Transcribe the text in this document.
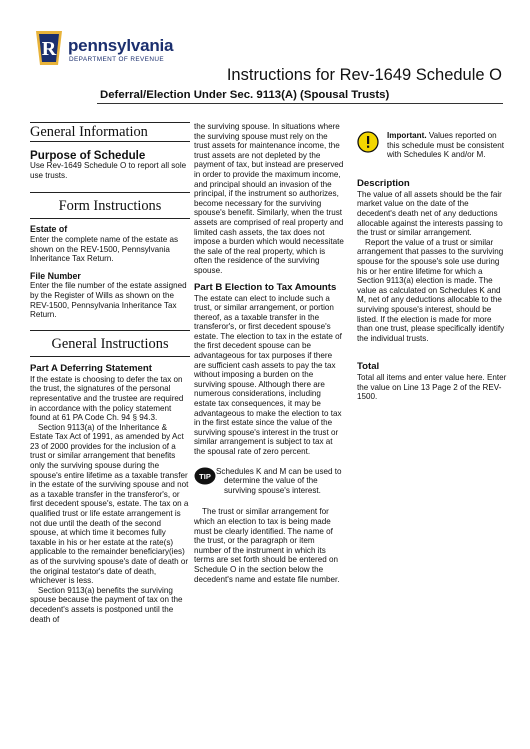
R pennsylvania
DEPARTMENT OF REVENUE
Instructions for Rev-1649 Schedule O
Deferral/Election Under Sec. 9113(A) (Spousal Trusts)
General Information
Purpose of Schedule

Use Rev-1649 Schedule O to report all sole use trusts.

Form Instructions
Estate of

Enter the complete name of the estate as shown on the REV-1500, Pennsylvania Inheritance Tax Return.

File Number

Enter the file number of the estate assigned by the Register of Wills as shown on the REV-1500, Pennsylvania Inheritance Tax Return.

General Instructions
Part A Deferring Statement

If the estate is choosing to defer the tax on the trust, the signatures of the personal representative and the trustee are required in accordance with the policy statement found at 61 PA Code Ch. 94 § 94.3.

Section 9113(a) of the Inheritance & Estate Tax Act of 1991, as amended by Act 23 of 2000 provides for the inclusion of a trust or similar arrangement that benefits only the surviving spouse during the spouse's entire lifetime as a taxable transfer in the estate of the surviving spouse and not as a taxable transfer in the transferor's, or first decedent spouse's, estate. The tax on a qualified trust or life estate arrangement is not due until the death of the second spouse, at which time it becomes fully taxable in his or her estate at the rate(s) applicable to the remainder beneficiary(ies) as of the surviving spouse's date of death or the original testator's date of death, whichever is less.

Section 9113(a) benefits the surviving spouse because the payment of tax on the decedent's assets is postponed until the death of

the surviving spouse. In situations where the surviving spouse must rely on the trust assets for maintenance income, the trust assets are not depleted by the payment of tax, but instead are preserved in order to provide the maximum income, and principal should an invasion of the principal, if the instrument so authorizes, become necessary for the surviving spouse's benefit. Similarly, when the trust assets are comprised of real property and limited cash assets, the tax does not impose a burden which would necessitate the sale of the real property, which is often the residence of the surviving spouse.

Part B Election to Tax Amounts

The estate can elect to include such a trust, or similar arrangement, or portion thereof, as a taxable transfer in the transferor's, or first decedent spouse's estate. The election to tax in the estate of the first decedent spouse can be advantageous for tax purposes if there are sufficient cash assets to pay the tax without imposing a burden on the surviving spouse. Although there are numerous considerations, including estate tax consequences, it may be advantageous to make the election to tax in the first estate since the value of the surviving spouse's interest in the trust or similar arrangement is subject to tax at the spousal rate of zero percent.

TIP

Schedules K and M can be used to determine the value of the surviving spouse's interest.

The trust or similar arrangement for which an election to tax is being made must be clearly identified. The name of the trust, or the paragraph or item number of the instrument in which its terms are set forth should be entered on Schedule O in the section below the decedent's name and estate file number.

Important. Values reported on this schedule must be consistent with Schedules K and/or M.

Description

The value of all assets should be the fair market value on the date of the decedent's death net of any deductions allocable against the interests passing to the trust or similar arrangement.

Report the value of a trust or similar arrangement that passes to the surviving spouse for the spouse's sole use during his or her entire lifetime for which a Section 9113(a) election is made. The value as calculated on Schedules K and M, net of any deductions allocable to the surviving spouse's interest, should be listed. If the election is made for more than one trust, please specifically identify the individual trusts.

Total

Total all items and enter value here. Enter the value on Line 13 Page 2 of the REV-1500.
